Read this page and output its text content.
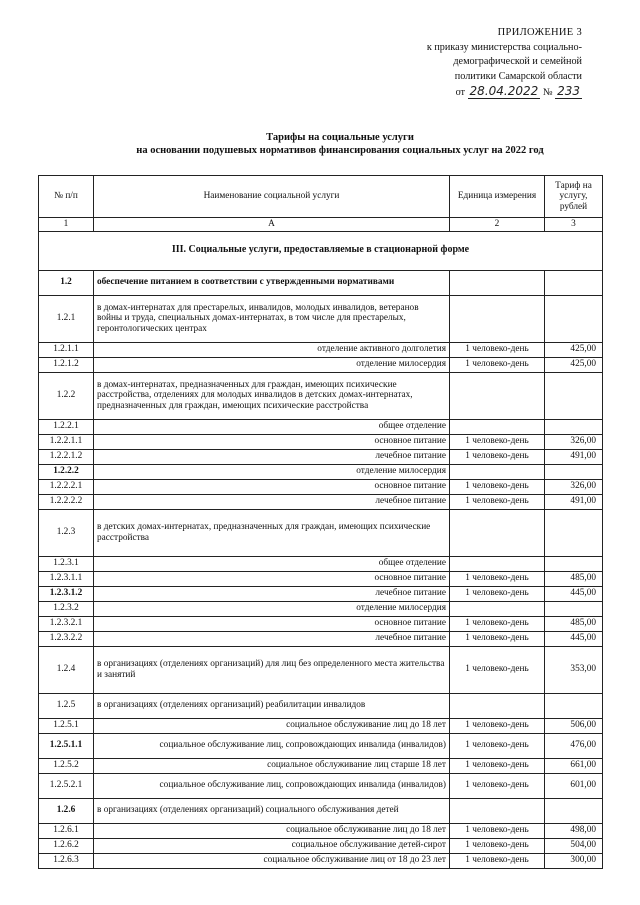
ПРИЛОЖЕНИЕ 3
к приказу министерства социально-
демографической и семейной
политики Самарской области
от 28.04.2022 № 233
Тарифы на социальные услуги
на основании подушевых нормативов финансирования социальных услуг на 2022 год
№ п/п	Наименование социальной услуги	Единица измерения	Тариф на услугу, рублей
1	А	2	3
III. Социальные услуги, предоставляемые в стационарной форме			
1.2	обеспечение питанием в соответствии с утвержденными нормативами		
1.2.1	в домах-интернатах для престарелых, инвалидов, молодых инвалидов, ветеранов войны и труда, специальных домах-интернатах, в том числе для престарелых, геронтологических центрах		
1.2.1.1	отделение активного долголетия	1 человеко-день	425,00
1.2.1.2	отделение милосердия	1 человеко-день	425,00
1.2.2	в домах-интернатах, предназначенных для граждан, имеющих психические расстройства, отделениях для молодых инвалидов в детских домах-интернатах, предназначенных для граждан, имеющих психические расстройства		
1.2.2.1	общее отделение		
1.2.2.1.1	основное питание	1 человеко-день	326,00
1.2.2.1.2	лечебное питание	1 человеко-день	491,00
1.2.2.2	отделение милосердия		
1.2.2.2.1	основное питание	1 человеко-день	326,00
1.2.2.2.2	лечебное питание	1 человеко-день	491,00
1.2.3	в детских домах-интернатах, предназначенных для граждан, имеющих психические расстройства		
1.2.3.1	общее отделение		
1.2.3.1.1	основное питание	1 человеко-день	485,00
1.2.3.1.2	лечебное питание	1 человеко-день	445,00
1.2.3.2	отделение милосердия		
1.2.3.2.1	основное питание	1 человеко-день	485,00
1.2.3.2.2	лечебное питание	1 человеко-день	445,00
1.2.4	в организациях (отделениях организаций) для лиц без определенного места жительства и занятий	1 человеко-день	353,00
1.2.5	в организациях (отделениях организаций) реабилитации инвалидов		
1.2.5.1	социальное обслуживание лиц до 18 лет	1 человеко-день	506,00
1.2.5.1.1	социальное обслуживание лиц, сопровождающих инвалида (инвалидов)	1 человеко-день	476,00
1.2.5.2	социальное обслуживание лиц старше 18 лет	1 человеко-день	661,00
1.2.5.2.1	социальное обслуживание лиц, сопровождающих инвалида (инвалидов)	1 человеко-день	601,00
1.2.6	в организациях (отделениях организаций) социального обслуживания детей		
1.2.6.1	социальное обслуживание лиц до 18 лет	1 человеко-день	498,00
1.2.6.2	социальное обслуживание детей-сирот	1 человеко-день	504,00
1.2.6.3	социальное обслуживание лиц от 18 до 23 лет	1 человеко-день	300,00
